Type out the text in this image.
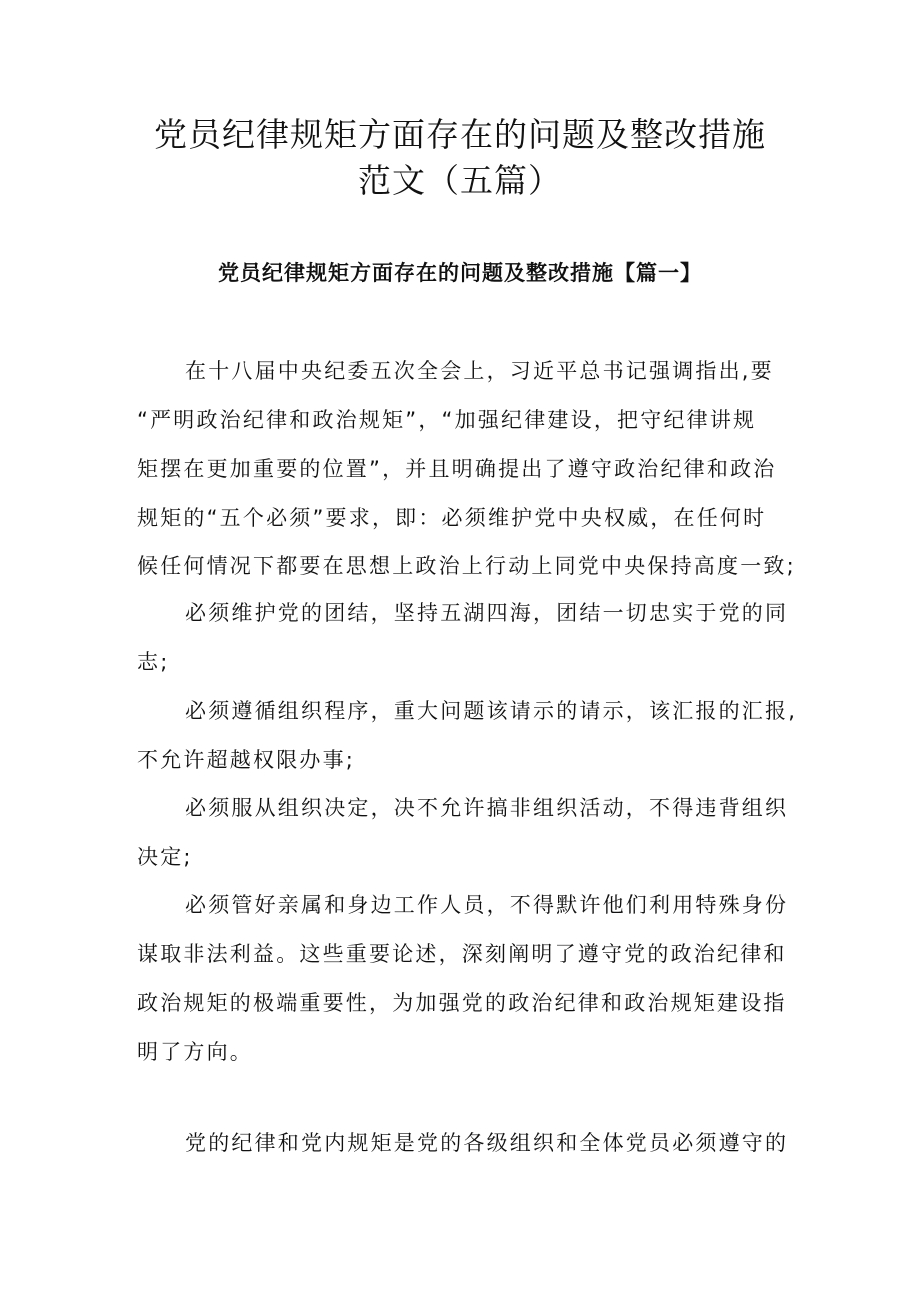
党员纪律规矩方面存在的问题及整改措施
范文（五篇）
党员纪律规矩方面存在的问题及整改措施【篇一】
在十八届中央纪委五次全会上，习近平总书记强调指出,要
“严明政治纪律和政治规矩”，“加强纪律建设，把守纪律讲规
矩摆在更加重要的位置”，并且明确提出了遵守政治纪律和政治
规矩的“五个必须”要求，即：必须维护党中央权威，在任何时
候任何情况下都要在思想上政治上行动上同党中央保持高度一致;
必须维护党的团结，坚持五湖四海，团结一切忠实于党的同
志;
必须遵循组织程序，重大问题该请示的请示，该汇报的汇报,
不允许超越权限办事;
必须服从组织决定，决不允许搞非组织活动，不得违背组织
决定;
必须管好亲属和身边工作人员，不得默许他们利用特殊身份
谋取非法利益。这些重要论述，深刻阐明了遵守党的政治纪律和
政治规矩的极端重要性，为加强党的政治纪律和政治规矩建设指
明了方向。
党的纪律和党内规矩是党的各级组织和全体党员必须遵守的
